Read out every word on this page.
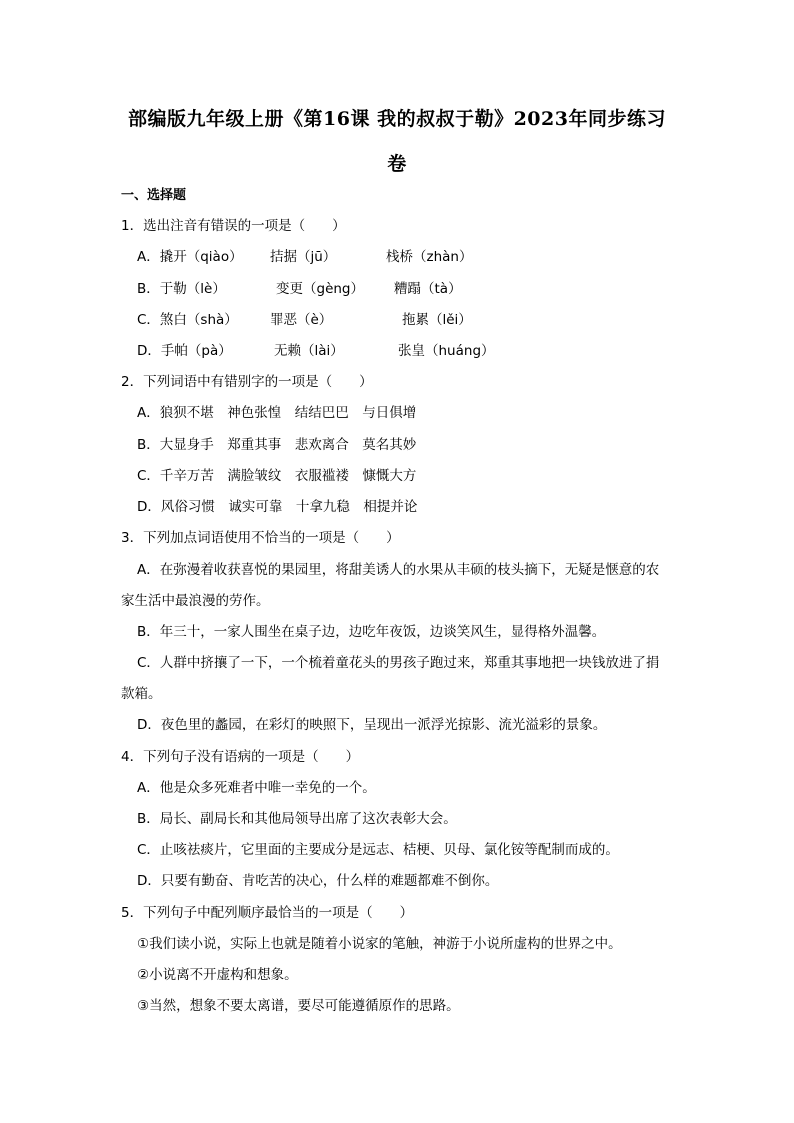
部编版九年级上册《第16课 我的叔叔于勒》2023年同步练习
卷
一、选择题
1．选出注音有错误的一项是（　　）
A．撬开（qiào） 拮据（jū）	栈桥（zhàn）
B．于勒（lè）	变更（gèng） 糟蹋（tà）
C．煞白（shà） 罪恶（è）	拖累（lěi）
D．手帕（pà）	无赖（lài）	张皇（huáng）
2．下列词语中有错别字的一项是（　　）
A．狼狈不堪　神色张惶　结结巴巴　与日俱增
B．大显身手　郑重其事　悲欢离合　莫名其妙
C．千辛万苦　满脸皱纹　衣服褴褛　慷慨大方
D．风俗习惯　诚实可靠　十拿九稳　相提并论
3．下列加点词语使用不恰当的一项是（　　）
A．在弥漫着收获喜悦的果园里，将甜美诱人的水果从丰硕的枝头摘下，无疑是惬意的农
家生活中最浪漫的劳作。
B．年三十，一家人围坐在桌子边，边吃年夜饭，边谈笑风生，显得格外温馨。
C．人群中挤攘了一下，一个梳着童花头的男孩子跑过来，郑重其事地把一块钱放进了捐
款箱。
D．夜色里的蠡园，在彩灯的映照下，呈现出一派浮光掠影、流光溢彩的景象。
4．下列句子没有语病的一项是（　　）
A．他是众多死难者中唯一幸免的一个。
B．局长、副局长和其他局领导出席了这次表彰大会。
C．止咳祛痰片，它里面的主要成分是远志、桔梗、贝母、氯化铵等配制而成的。
D．只要有勤奋、肯吃苦的决心，什么样的难题都难不倒你。
5．下列句子中配列顺序最恰当的一项是（　　）
①我们读小说，实际上也就是随着小说家的笔触，神游于小说所虚构的世界之中。
②小说离不开虚构和想象。
③当然，想象不要太离谱，要尽可能遵循原作的思路。
